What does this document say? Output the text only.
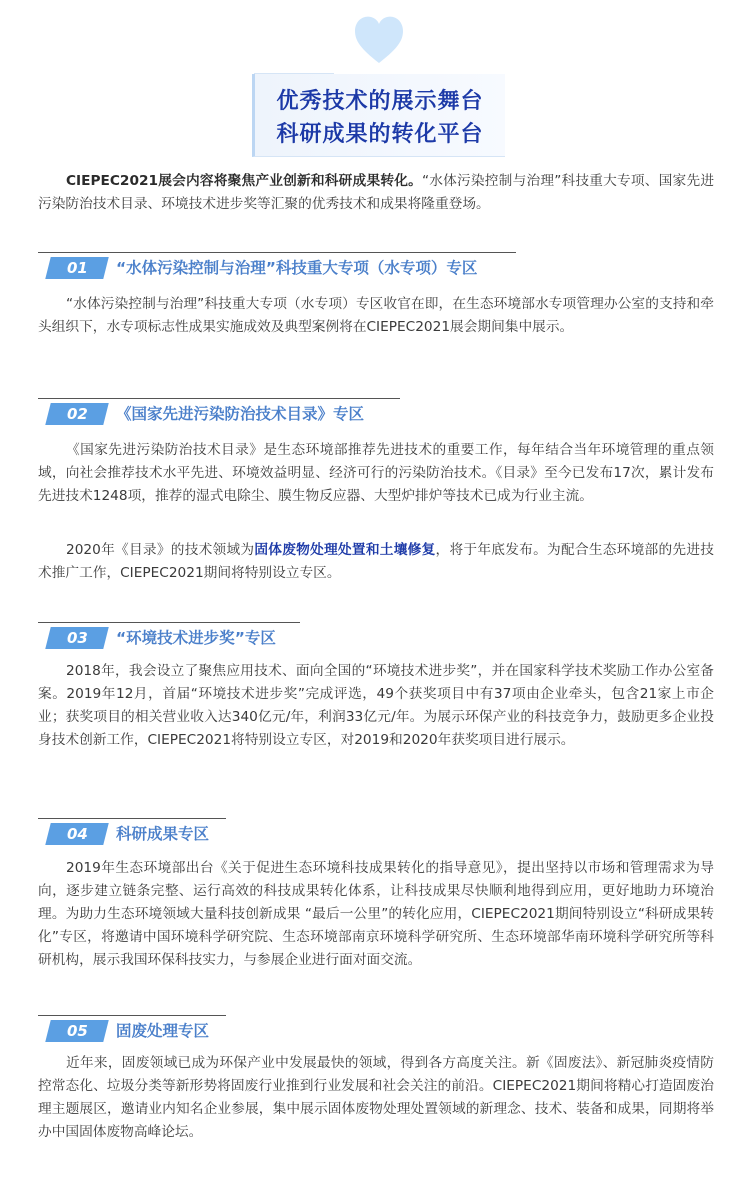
优秀技术的展示舞台
科研成果的转化平台

CIEPEC2021展会内容将聚焦产业创新和科研成果转化。“水体污染控制与治理”科技重大专项、国家先进污染防治技术目录、环境技术进步奖等汇聚的优秀技术和成果将隆重登场。

01	“水体污染控制与治理”科技重大专项（水专项）专区

“水体污染控制与治理”科技重大专项（水专项）专区收官在即，在生态环境部水专项管理办公室的支持和牵头组织下，水专项标志性成果实施成效及典型案例将在CIEPEC2021展会期间集中展示。

02	《国家先进污染防治技术目录》专区

《国家先进污染防治技术目录》是生态环境部推荐先进技术的重要工作，每年结合当年环境管理的重点领域，向社会推荐技术水平先进、环境效益明显、经济可行的污染防治技术。《目录》至今已发布17次，累计发布先进技术1248项，推荐的湿式电除尘、膜生物反应器、大型炉排炉等技术已成为行业主流。

2020年《目录》的技术领域为固体废物处理处置和土壤修复，将于年底发布。为配合生态环境部的先进技术推广工作，CIEPEC2021期间将特别设立专区。

03	“环境技术进步奖”专区

2018年，我会设立了聚焦应用技术、面向全国的“环境技术进步奖”，并在国家科学技术奖励工作办公室备案。2019年12月，首届“环境技术进步奖”完成评选，49个获奖项目中有37项由企业牵头，包含21家上市企业；获奖项目的相关营业收入达340亿元/年，利润33亿元/年。为展示环保产业的科技竞争力，鼓励更多企业投身技术创新工作，CIEPEC2021将特别设立专区，对2019和2020年获奖项目进行展示。

04	科研成果专区

2019年生态环境部出台《关于促进生态环境科技成果转化的指导意见》，提出坚持以市场和管理需求为导向，逐步建立链条完整、运行高效的科技成果转化体系，让科技成果尽快顺利地得到应用，更好地助力环境治理。为助力生态环境领域大量科技创新成果 “最后一公里”的转化应用，CIEPEC2021期间特别设立“科研成果转化”专区，将邀请中国环境科学研究院、生态环境部南京环境科学研究所、生态环境部华南环境科学研究所等科研机构，展示我国环保科技实力，与参展企业进行面对面交流。

05	固废处理专区

近年来，固废领域已成为环保产业中发展最快的领域，得到各方高度关注。新《固废法》、新冠肺炎疫情防控常态化、垃圾分类等新形势将固废行业推到行业发展和社会关注的前沿。CIEPEC2021期间将精心打造固废治理主题展区，邀请业内知名企业参展，集中展示固体废物处理处置领域的新理念、技术、装备和成果，同期将举办中国固体废物高峰论坛。
